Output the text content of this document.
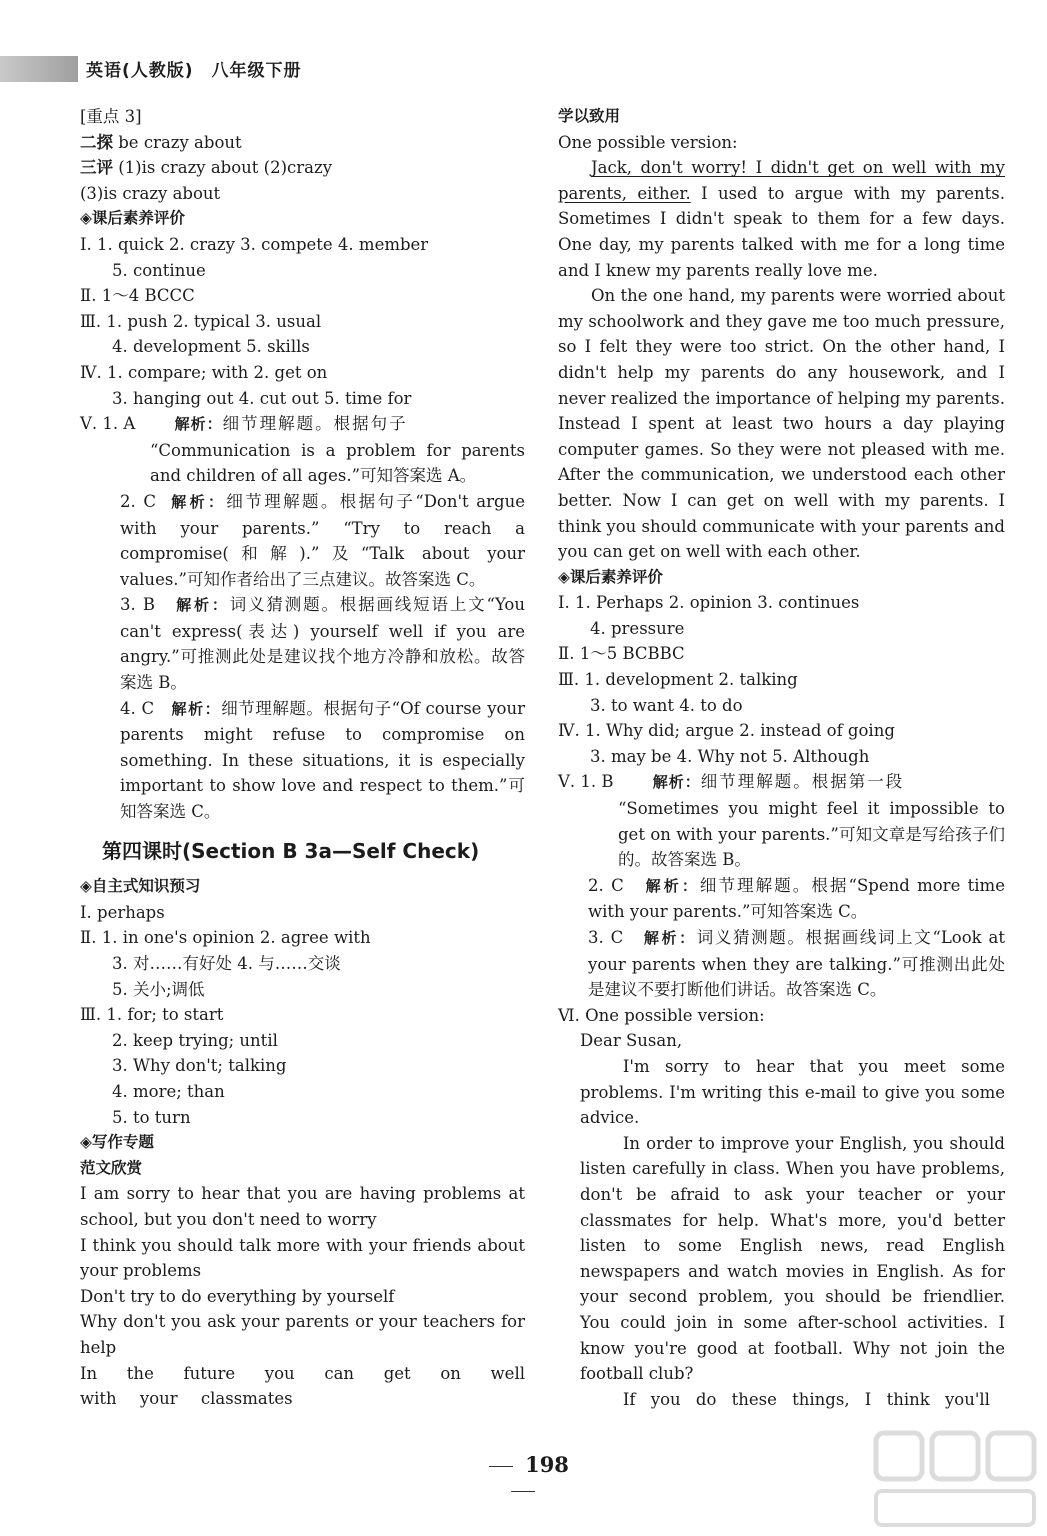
英语(人教版)　八年级下册
[重点 3]
二探 be crazy about
三评 (1)is crazy about (2)crazy
(3)is crazy about
◈课后素养评价
Ⅰ. 1. quick 2. crazy 3. compete 4. member
5. continue
Ⅱ. 1～4 BCCC
Ⅲ. 1. push 2. typical 3. usual
4. development 5. skills
Ⅳ. 1. compare; with 2. get on
3. hanging out 4. cut out 5. time for
Ⅴ. 1. A	解析：细节理解题。根据句子
“Communication is a problem for parents and children of all ages.”可知答案选 A。
2. C 解析：细节理解题。根据句子“Don't argue with your parents.” “Try to reach a compromise(和解).”及“Talk about your values.”可知作者给出了三点建议。故答案选 C。
3. B 解析：词义猜测题。根据画线短语上文“You can't express(表达) yourself well if you are angry.”可推测此处是建议找个地方冷静和放松。故答案选 B。
4. C 解析：细节理解题。根据句子“Of course your parents might refuse to compromise on something. In these situations, it is especially important to show love and respect to them.”可知答案选 C。
第四课时(Section B 3a—Self Check)
◈自主式知识预习
Ⅰ. perhaps
Ⅱ. 1. in one's opinion 2. agree with
3. 对……有好处 4. 与……交谈
5. 关小;调低
Ⅲ. 1. for; to start
2. keep trying; until
3. Why don't; talking
4. more; than
5. to turn
◈写作专题
范文欣赏
I am sorry to hear that you are having problems at school, but you don't need to worry
I think you should talk more with your friends about your problems
Don't try to do everything by yourself
Why don't you ask your parents or your teachers for help
In the future you can get on well with your classmates
学以致用
One possible version:
Jack, don't worry! I didn't get on well with my parents, either. I used to argue with my parents. Sometimes I didn't speak to them for a few days. One day, my parents talked with me for a long time and I knew my parents really love me.
On the one hand, my parents were worried about my schoolwork and they gave me too much pressure, so I felt they were too strict. On the other hand, I didn't help my parents do any housework, and I never realized the importance of helping my parents. Instead I spent at least two hours a day playing computer games. So they were not pleased with me. After the communication, we understood each other better. Now I can get on well with my parents. I think you should communicate with your parents and you can get on well with each other.
◈课后素养评价
Ⅰ. 1. Perhaps 2. opinion 3. continues
4. pressure
Ⅱ. 1～5 BCBBC
Ⅲ. 1. development 2. talking
3. to want 4. to do
Ⅳ. 1. Why did; argue 2. instead of going
3. may be 4. Why not 5. Although
Ⅴ. 1. B	解析：细节理解题。根据第一段
“Sometimes you might feel it impossible to get on with your parents.”可知文章是写给孩子们的。故答案选 B。
2. C 解析：细节理解题。根据“Spend more time with your parents.”可知答案选 C。
3. C 解析：词义猜测题。根据画线词上文“Look at your parents when they are talking.”可推测出此处是建议不要打断他们讲话。故答案选 C。
Ⅵ. One possible version:
Dear Susan,
I'm sorry to hear that you meet some problems. I'm writing this e-mail to give you some advice.
In order to improve your English, you should listen carefully in class. When you have problems, don't be afraid to ask your teacher or your classmates for help. What's more, you'd better listen to some English news, read English newspapers and watch movies in English. As for your second problem, you should be friendlier. You could join in some after-school activities. I know you're good at football. Why not join the football club?
If you do these things, I think you'll
198
